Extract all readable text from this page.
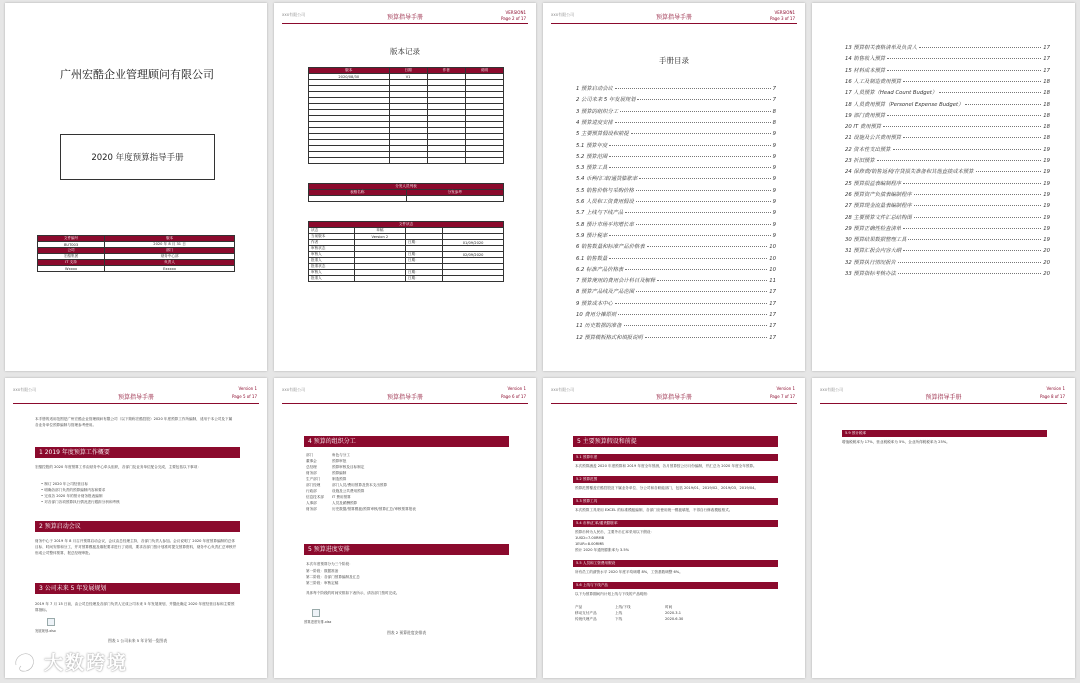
广州宏酷企业管理顾问有限公司
2020 年度预算指导手册
文件编号	版本
BUT003	2020 年 8 月 31 日
公司	部门
宏酷集团	财务中心部
IT 支持	负责人
Wxxxx	Exxxxx
xxx有限公司	预算指导手册
VERSION1
Page 2 of 17
版本记录
版本	日期	作者	说明
2020/08/30	V1		

分发人员列表	
表格名称	分发参考

文件状态			
状态	草稿		
当前版本	Version 2		
作者		日期：	01/09/2020
审核状态			
审核人		日期：	02/09/2020
批准人		日期：	
批准状态			
审核人		日期：	
批准人		日期：	
xxx有限公司	预算指导手册
VERSION1
Page 3 of 17
手册目录
1 预算启动会议	7
2 公司未来 5 年发展规划	7
3 预算的组织分工	8
4 预算进度安排	8
5 主要预算假设和前提	9
5.1 预算年度	9
5.2 预算范围	9
5.3 预算工具	9
5.4 币种/汇率/通货膨胀率	9
5.5 销售价格与采购价格	9
5.6 人员和工资费用假设	9
5.7 上线与下线产品	9
5.8 预计市场平均增长率	9
5.9 预计税率	9
6 销售数量和标准产品价格表	10
6.1 销售数量	10
6.2 标准产品价格表	10
7 预算使用的费用会计科目及解释	11
8 预算产品线及产品范围	17
9 预算成本中心	17
10 费用分摊原则	17
11 历史数据的准备	17
12 预算模板格式和填报说明	17
13 预算相关表格清单及负责人	17
14 销售收入预算	17
15 材料成本预算	17
16 人工及制造费用预算	18
17 人员预算（Head Count Budget）	18
18 人员费用预算（Personel Expense Budget）	18
19 部门费用预算	18
20 IT 费用预算	18
21 设施及公共费用预算	18
22 资本性支出预算	19
23 折旧预算	19
24 保修费/销售返利/存货损失准备和其他直接成本预算	19
25 预算损益表编制程序	19
26 预算资产负债表编制程序	19
27 预算现金流量表编制程序	19
28 主要预算文件汇总结构图	19
29 预算正确性检查清单	19
30 预算结果数据整理工具	19
31 预算汇报会内容大纲	20
32 预算执行情况报告	20
33 预算指标考核办法	20
xxx有限公司
预算指导手册
Version 1
Page 5 of 17
本手册的适用范围是广州宏酷企业管理顾问有限公司（以下简称宏酷控股）2020 年度预算工作所编制，适用于本公司及下属各业务单位预算编制与管理参考使用。
1 2019 年度预算工作概要
宏酷控股的 2020 年度预算工作由财务中心牵头组织，各部门及业务单位配合完成，主要包括以下事项：
• 制订 2020 年公司经营目标
• 明确各部门负责的预算编制内容和要求
• 完成各 2020 年的预计财务报表编制
• 对各部门各项预算执行情况进行跟踪分析和考核
2 预算启动会议
财务中心于 2019 年 8 月召开预算启动会议，会议由总经理主持，各部门负责人参加。会议说明了 2020 年度预算编制的总体目标、时间安排和分工，并对预算模板及填报要求进行了说明，要求各部门按计划准时提交预算资料，财务中心负责汇总审核并形成公司整体预算，报总经理审批。
3 公司未来 5 年发展规划
2019 年 7 月 15 日前，由公司总经理及各部门负责人完成公司未来 5 年发展规划，并据此确定 2020 年度经营目标和主要预算指标。
发展规划.xlsx
图表 1 公司未来 5 年计划一览图表
xxx有限公司
预算指导手册
Version 1
Page 6 of 17
4 预算的组织分工
部门	角色与分工
董事会	预算审批
总经理	预算审核及目标制定
财务部	预算编制
生产部门	制造预算
部门经理	部门人员/费用预算及资本支出预算
行政部	设施及公共费用预算
信息技术部	IT 费用预算
人事部	人员及薪酬预算
财务部	历史数据/预算模板/预算审核/预算汇总/审核预算报表
5 预算进度安排
本次年度预算分为三个阶段：
第一阶段：数据准备
第二阶段：各部门预算编制及汇总
第三阶段：审核定稿
具体每个阶段的时间安排如下表所示，请各部门按时完成。
预算进度安排.xlsx
图表 2 预算进度安排表
xxx有限公司
预算指导手册
Version 1
Page 7 of 17
5 主要预算假设和前提
5.1 预算年度
本次预算涵盖 2020 年度预算和 2019 年度全年预测，各月预算按公历月份编制，并汇总为 2020 年度全年预算。
5.2 预算范围
预算范围覆盖宏酷控股及下属业务单位、分公司和各职能部门，包括 2019/01、2019/02、2019/03、2019/04。
5.3 预算工具
本次预算工具采用 EXCEL 的标准模板编制，各部门应使用统一模板填报，不得自行修改模板格式。
5.4 币种/汇率/通货膨胀率
预算币种为人民币，主要外币汇率采用以下假设：
1USD=7.00RMB
1EUR=8.00RMB
预计 2020 年通货膨胀率为 3.5%
5.5 人员和工资费用假设
所有员工的薪资水平 2020 年度平均调增 8%，工资基数调整 6%。
5.6 上线与下线产品
以下为预算期间内计划上线与下线的产品明细：
产品	上线/下线	时间
移动支付产品	上线	2020.3.1
传统代理产品	下线	2020.6.30
xxx有限公司
预算指导手册
Version 1
Page 8 of 17
5.9 预计税率
增值税税率为 17%，营业税税率为 5%，企业所得税税率为 25%。
大数跨境
